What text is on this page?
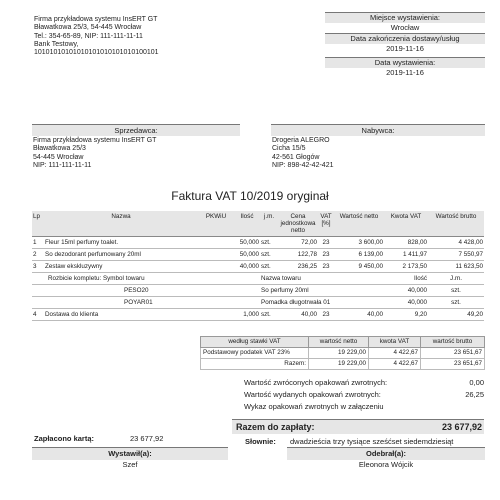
Firma przykładowa systemu InsERT GT

Bławatkowa 25/3, 54-445 Wrocław

Tel.: 354-65-89, NIP: 111-111-11-11

Bank Testowy,

10101010101010101010101010100101

Miejsce wystawienia:
Wrocław
Data zakończenia dostawy/usług
2019-11-16
Data wystawienia:
2019-11-16
Sprzedawca:

Firma przykładowa systemu InsERT GT

Bławatkowa 25/3

54-445 Wrocław

NIP: 111-111-11-11

Nabywca:

Drogeria ALEGRO

Cicha 15/5

42-561 Głogów

NIP: 898-42-42-421

Faktura VAT 10/2019 oryginał
Lp	Nazwa	PKWiU	Ilość	j.m.	Cena jednostkowa netto	VAT [%]	Wartość netto	Kwota VAT	Wartość brutto
1	Fleur 15ml perfumy toalet.		50,000	szt.	72,00	23	3 600,00	828,00	4 428,00
2	So dezodorant perfumowany 20ml		50,000	szt.	122,78	23	6 139,00	1 411,97	7 550,97
3	Zestaw ekskluzywny		40,000	szt.	236,25	23	9 450,00	2 173,50	11 623,50
	Rozbicie kompletu: Symbol towaru			Nazwa towaru				Ilość	J.m.
	PESO20			So perfumy 20ml				40,000	szt.
	POYAR01			Pomadka długotrwała 01				40,000	szt.
4	Dostawa do klienta		1,000	szt.	40,00	23	40,00	9,20	49,20
według stawki VAT	wartość netto	kwota VAT	wartość brutto
Podstawowy podatek VAT 23%	19 229,00	4 422,67	23 651,67
Razem:	19 229,00	4 422,67	23 651,67
Wartość zwróconych opakowań zwrotnych:	0,00
Wartość wydanych opakowań zwrotnych:	26,25
Wykaz opakowań zwrotnych w załączeniu
Zapłacono kartą:	23 677,92
Razem do zapłaty:	23 677,92
Słownie: dwadzieścia trzy tysiące sześćset siedemdziesiąt
Wystawił(a):
Szef
Odebrał(a):
Eleonora Wójcik
